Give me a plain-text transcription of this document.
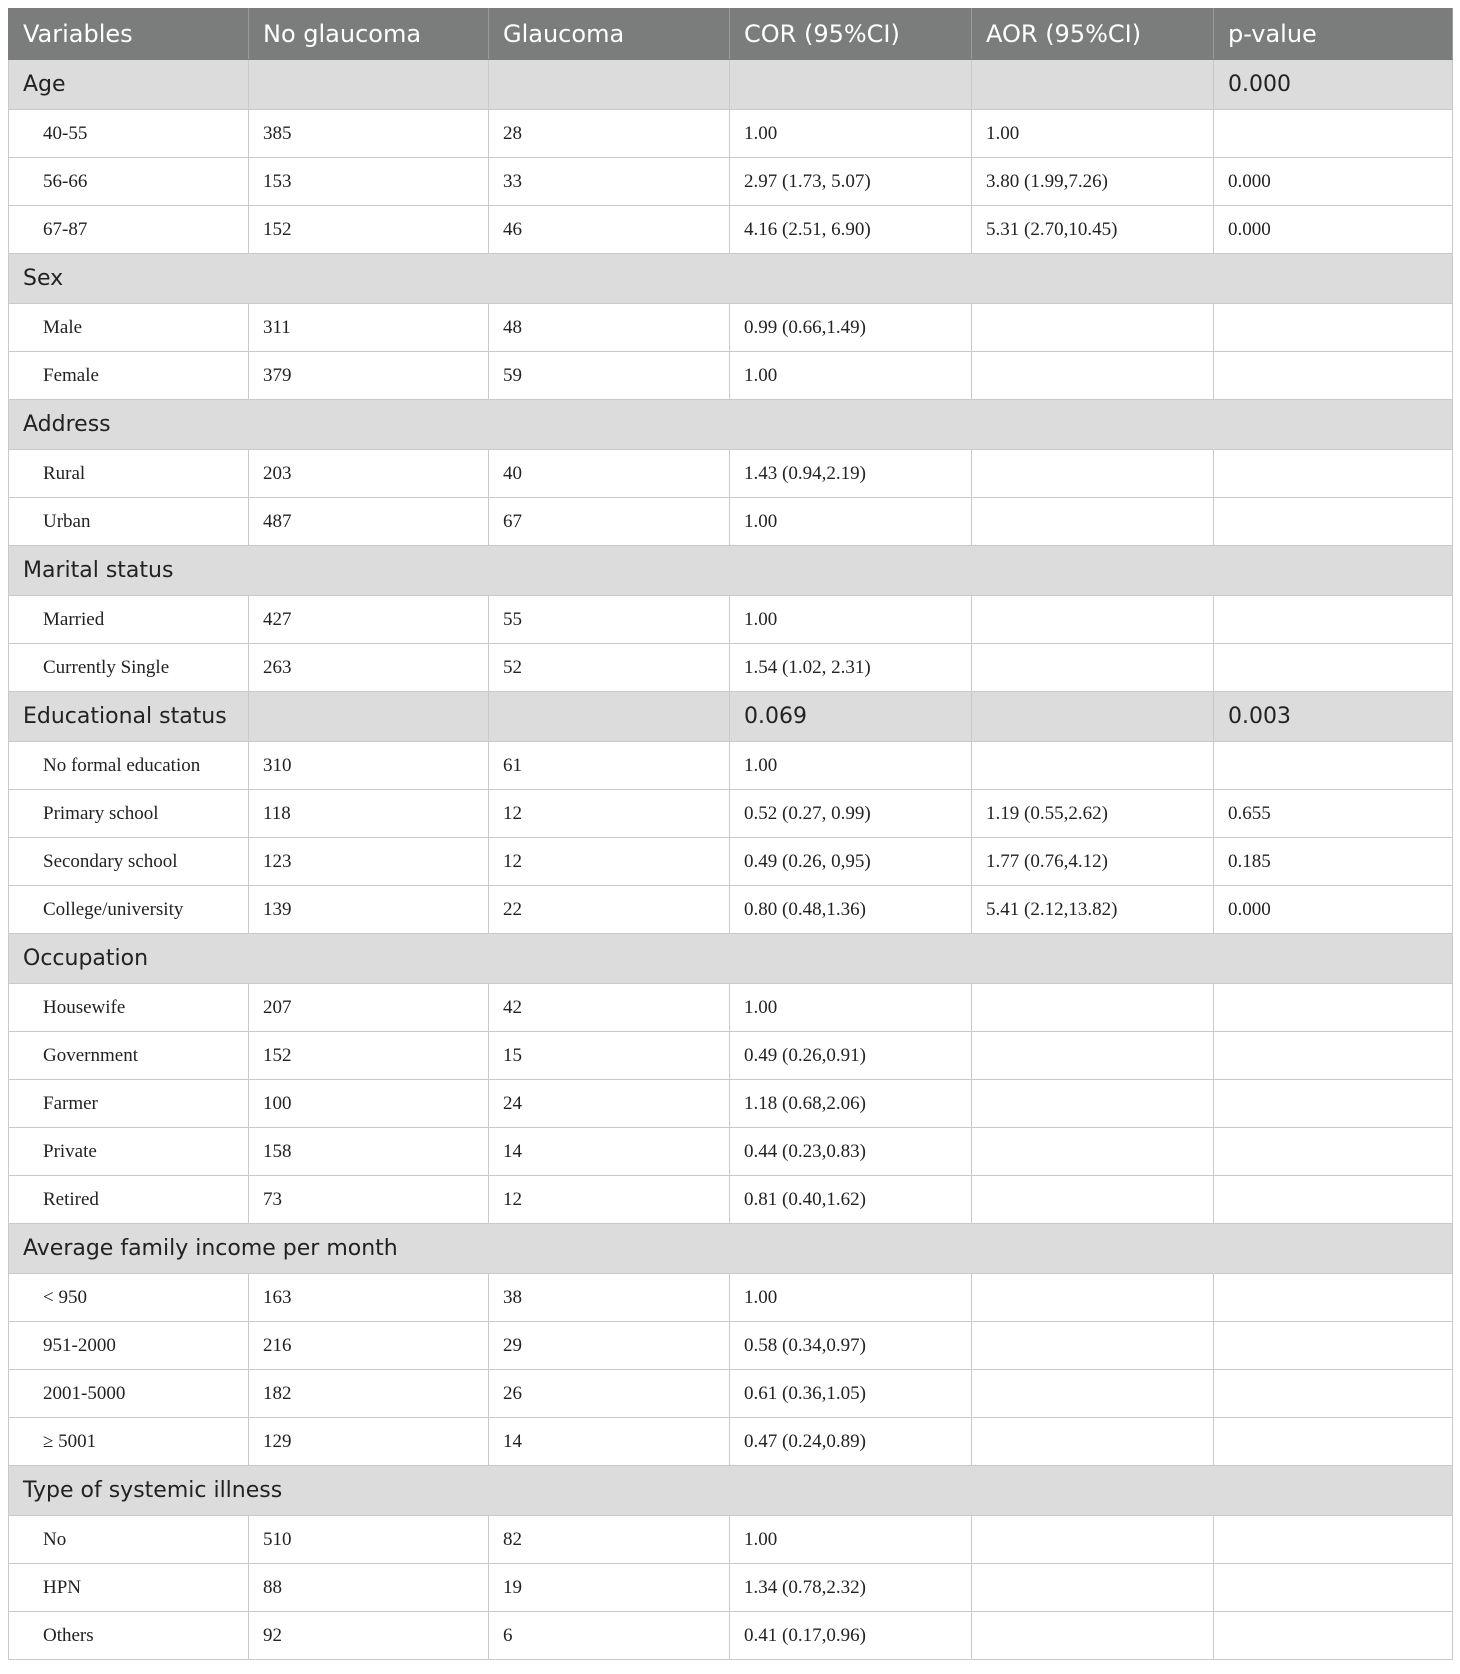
Variables	No glaucoma	Glaucoma	COR (95%CI)	AOR (95%CI)	p-value
Age					0.000
40-55	385	28	1.00	1.00	
56-66	153	33	2.97 (1.73, 5.07)	3.80 (1.99,7.26)	0.000
67-87	152	46	4.16 (2.51, 6.90)	5.31 (2.70,10.45)	0.000
Sex					
Male	311	48	0.99 (0.66,1.49)		
Female	379	59	1.00		
Address					
Rural	203	40	1.43 (0.94,2.19)		
Urban	487	67	1.00		
Marital status					
Married	427	55	1.00		
Currently Single	263	52	1.54 (1.02, 2.31)		
Educational status			0.069		0.003
No formal education	310	61	1.00		
Primary school	118	12	0.52 (0.27, 0.99)	1.19 (0.55,2.62)	0.655
Secondary school	123	12	0.49 (0.26, 0,95)	1.77 (0.76,4.12)	0.185
College/university	139	22	0.80 (0.48,1.36)	5.41 (2.12,13.82)	0.000
Occupation					
Housewife	207	42	1.00		
Government	152	15	0.49 (0.26,0.91)		
Farmer	100	24	1.18 (0.68,2.06)		
Private	158	14	0.44 (0.23,0.83)		
Retired	73	12	0.81 (0.40,1.62)		
Average family income per month					
< 950	163	38	1.00		
951-2000	216	29	0.58 (0.34,0.97)		
2001-5000	182	26	0.61 (0.36,1.05)		
≥ 5001	129	14	0.47 (0.24,0.89)		
Type of systemic illness					
No	510	82	1.00		
HPN	88	19	1.34 (0.78,2.32)		
Others	92	6	0.41 (0.17,0.96)		
